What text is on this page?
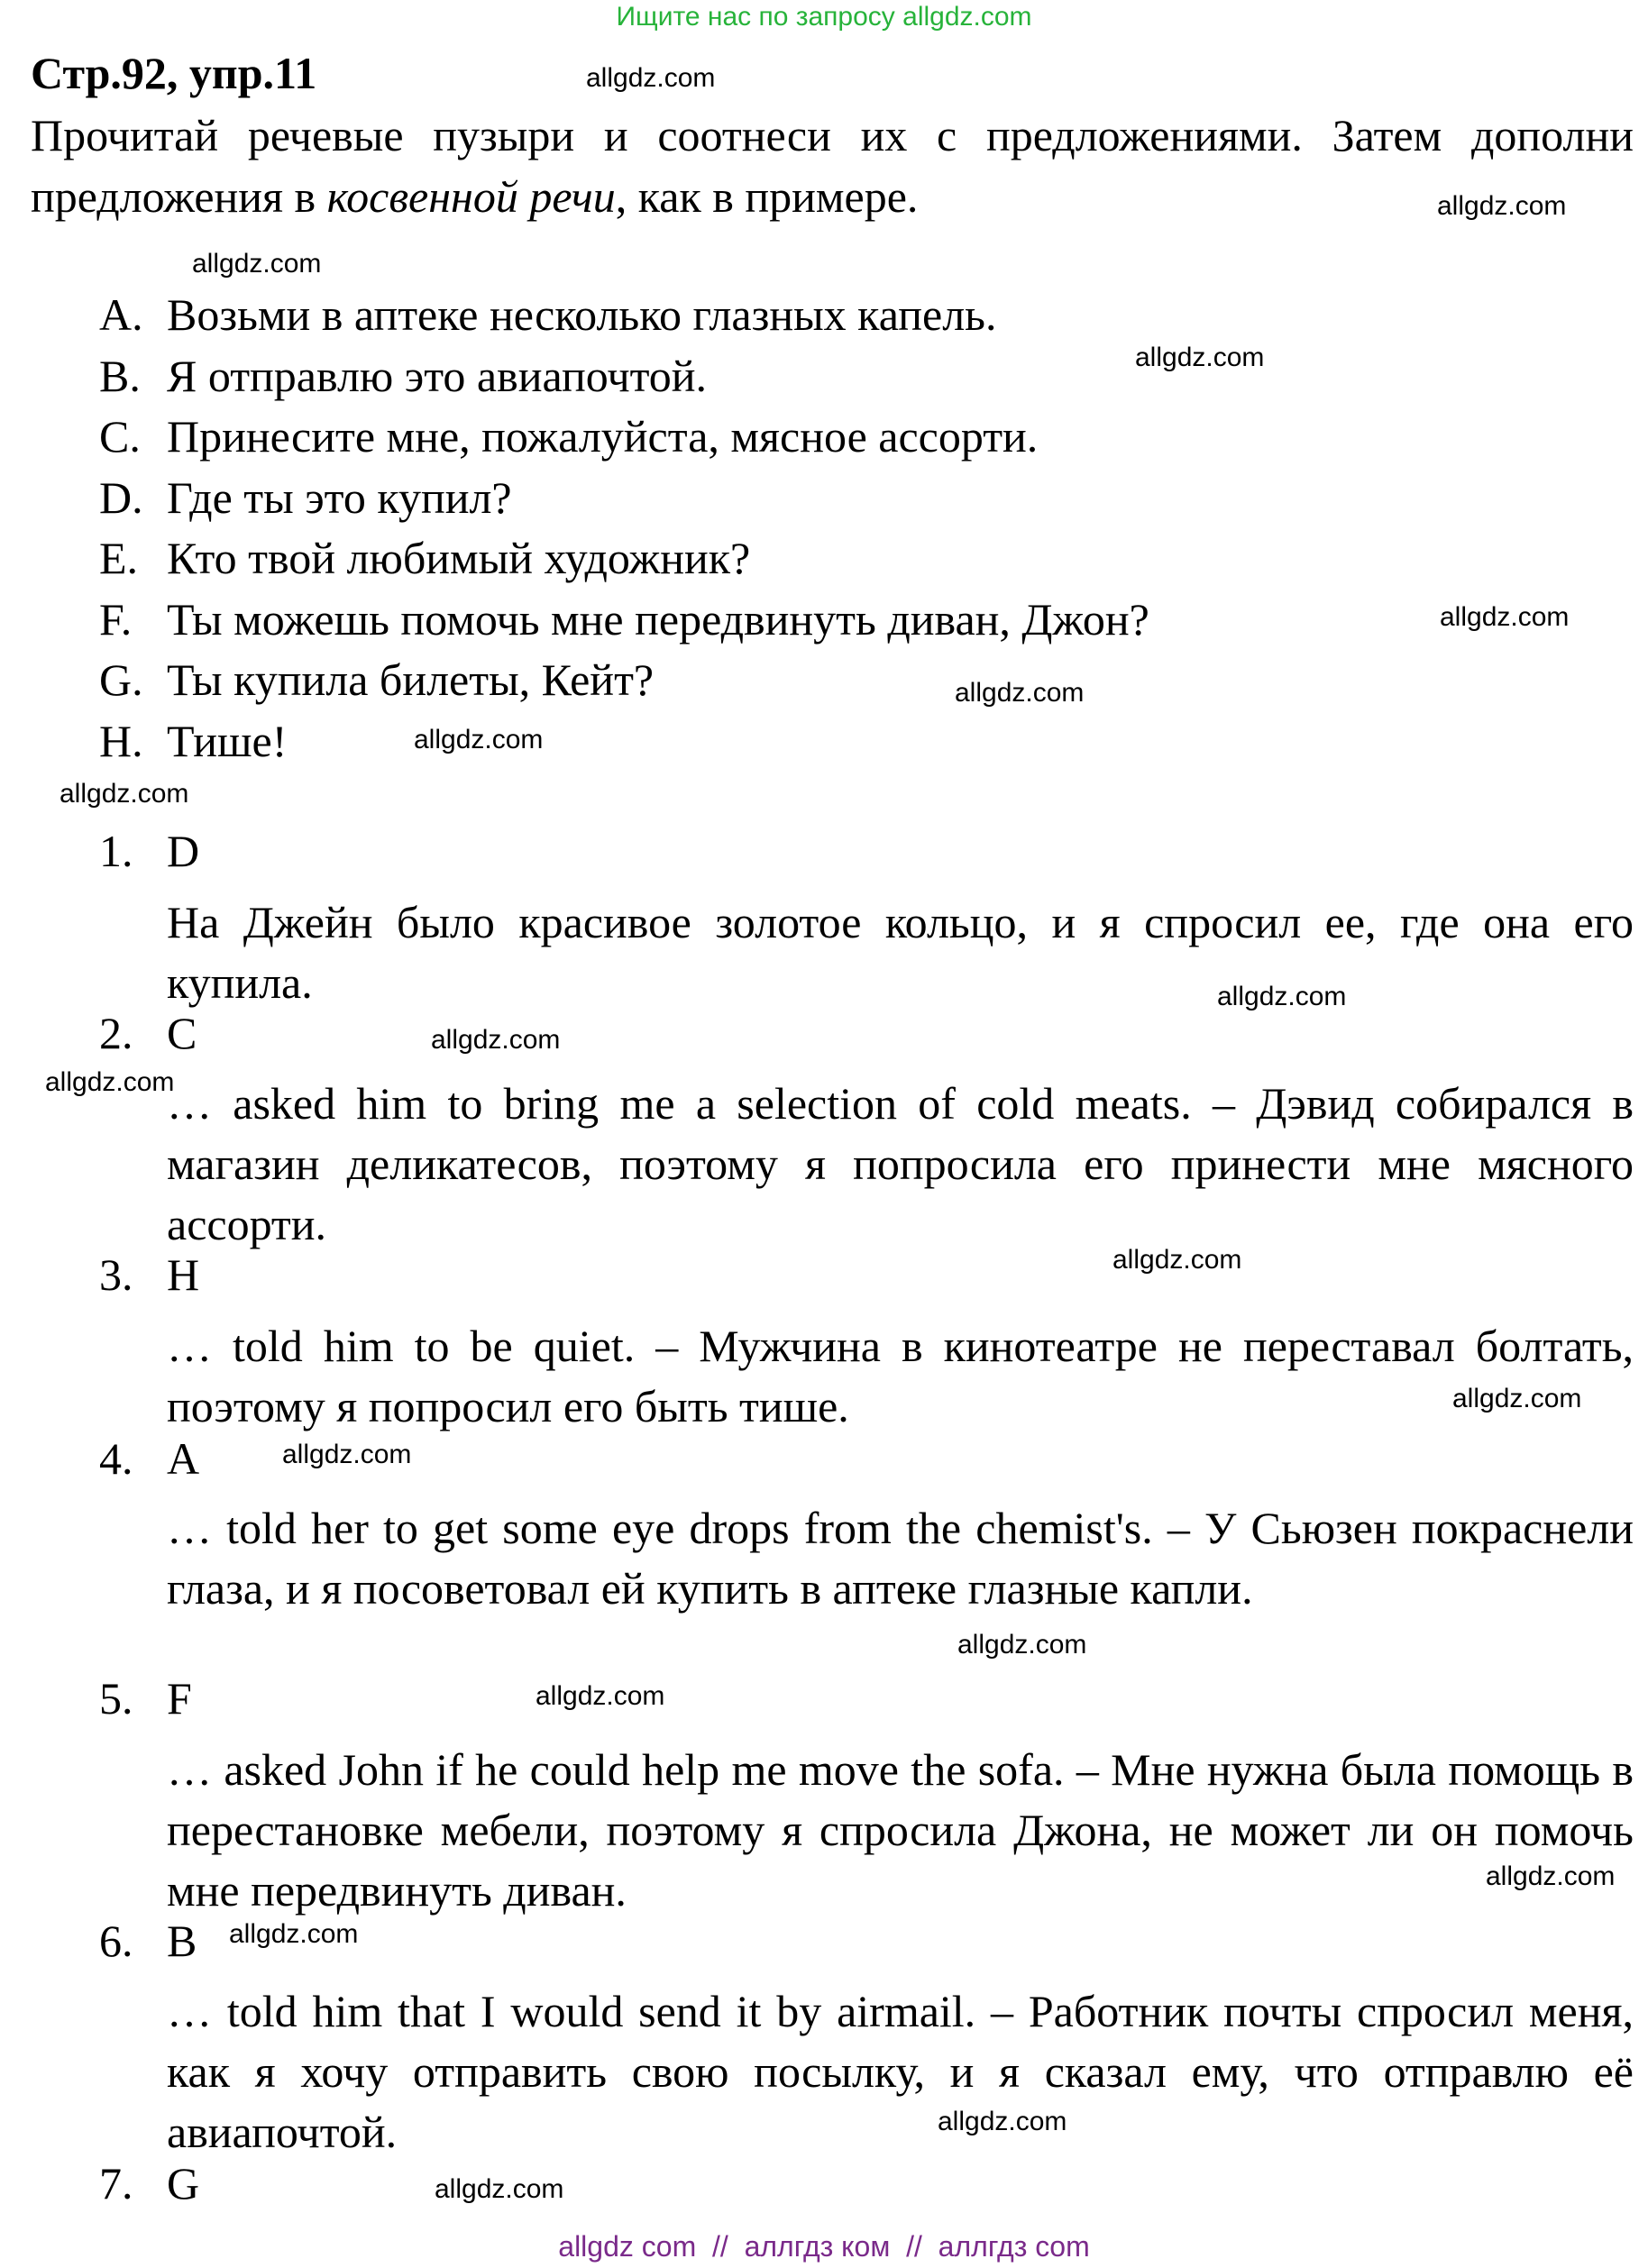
Ищите нас по запросу allgdz.com
Стр.92, упр.11
Прочитай речевые пузыри и соотнеси их с предложениями. Затем дополни предложения в косвенной речи, как в примере.
A. Возьми в аптеке несколько глазных капель.
B. Я отправлю это авиапочтой.
C. Принесите мне, пожалуйста, мясное ассорти.
D. Где ты это купил?
E. Кто твой любимый художник?
F. Ты можешь помочь мне передвинуть диван, Джон?
G. Ты купила билеты, Кейт?
H. Тише!
1. D
На Джейн было красивое золотое кольцо, и я спросил ее, где она его купила.
2. C
… asked him to bring me a selection of cold meats. – Дэвид собирался в магазин деликатесов, поэтому я попросила его принести мне мясного ассорти.
3. H
… told him to be quiet. – Мужчина в кинотеатре не переставал болтать, поэтому я попросил его быть тише.
4. A
… told her to get some eye drops from the chemist's. – У Сьюзен покраснели глаза, и я посоветовал ей купить в аптеке глазные капли.
5. F
… asked John if he could help me move the sofa. – Мне нужна была помощь в перестановке мебели, поэтому я спросила Джона, не может ли он помочь мне передвинуть диван.
6. B
… told him that I would send it by airmail. – Работник почты спросил меня, как я хочу отправить свою посылку, и я сказал ему, что отправлю её авиапочтой.
7. G
allgdz.com
allgdz.com
allgdz.com
allgdz.com
allgdz.com
allgdz.com
allgdz.com
allgdz.com
allgdz.com
allgdz.com
allgdz.com
allgdz.com
allgdz.com
allgdz.com
allgdz.com
allgdz.com
allgdz.com
allgdz.com
allgdz.com
allgdz.com
allgdz com  //  аллгдз ком  //  аллгдз com
